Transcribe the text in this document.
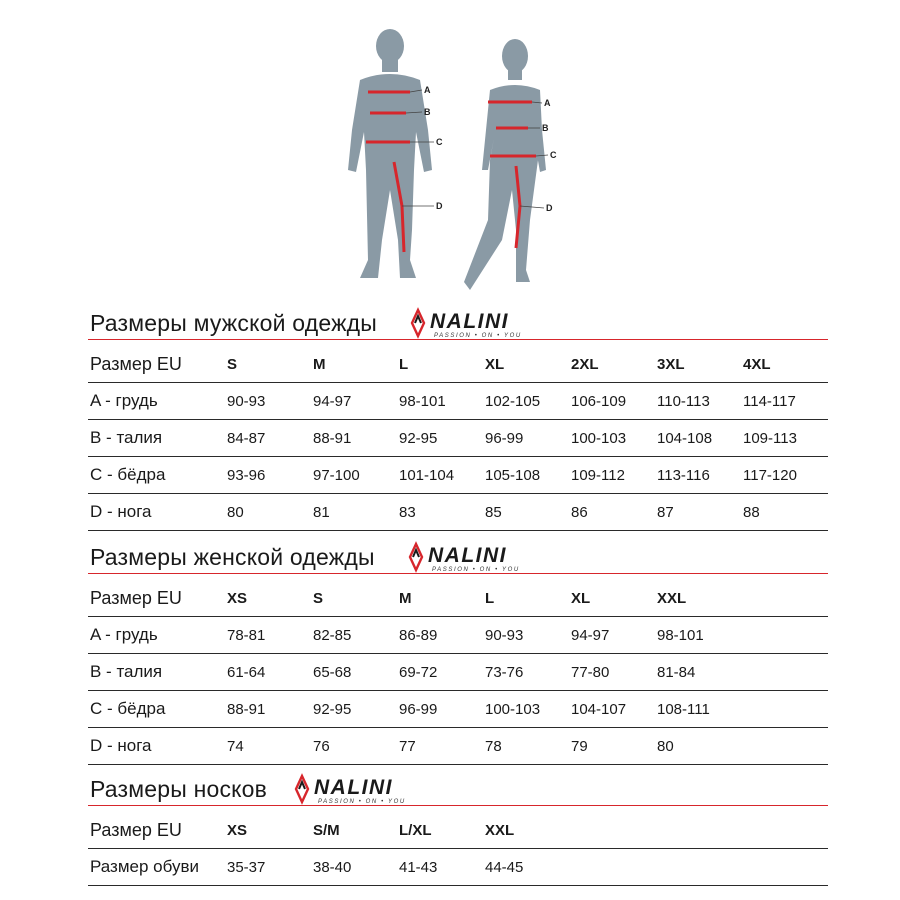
A
B
C
D
A
B
C
D
Размеры мужской одежды	NALINI
PASSION • ON • YOU
Размер EU	S	M	L	XL	2XL	3XL	4XL
A - грудь	90-93	94-97	98-101	102-105	106-109	110-113	114-117
B - талия	84-87	88-91	92-95	96-99	100-103	104-108	109-113
C - бёдра	93-96	97-100	101-104	105-108	109-112	113-116	117-120
D - нога	80	81	83	85	86	87	88
Размеры женской одежды	NALINI
PASSION • ON • YOU
Размер EU	XS	S	M	L	XL	XXL	
A - грудь	78-81	82-85	86-89	90-93	94-97	98-101	
B - талия	61-64	65-68	69-72	73-76	77-80	81-84	
C - бёдра	88-91	92-95	96-99	100-103	104-107	108-111	
D - нога	74	76	77	78	79	80	
Размеры носков NALINI
PASSION • ON • YOU
Размер EU	XS	S/M	L/XL	XXL			
Размер обуви	35-37	38-40	41-43	44-45			
